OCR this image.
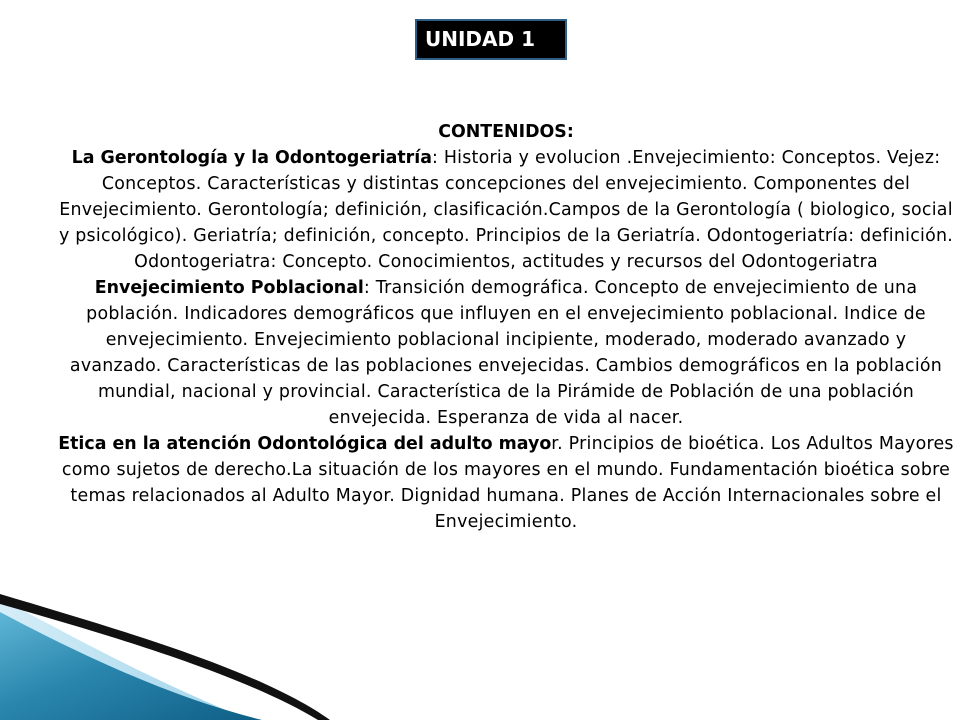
UNIDAD 1

CONTENIDOS:

La Gerontología y la Odontogeriatría: Historia y evolucion .Envejecimiento: Conceptos. Vejez: Conceptos. Características y distintas concepciones del envejecimiento. Componentes del Envejecimiento. Gerontología; definición, clasificación.Campos de la Gerontología ( biologico, social y psicológico). Geriatría; definición, concepto. Principios de la Geriatría. Odontogeriatría: definición. Odontogeriatra: Concepto. Conocimientos, actitudes y recursos del Odontogeriatra

Envejecimiento Poblacional: Transición demográfica. Concepto de envejecimiento de una población. Indicadores demográficos que influyen en el envejecimiento poblacional. Indice de envejecimiento. Envejecimiento poblacional incipiente, moderado, moderado avanzado y avanzado. Características de las poblaciones envejecidas. Cambios demográficos en la población mundial, nacional y provincial. Característica de la Pirámide de Población de una población envejecida. Esperanza de vida al nacer.

Etica en la atención Odontológica del adulto mayor. Principios de bioética. Los Adultos Mayores como sujetos de derecho.La situación de los mayores en el mundo. Fundamentación bioética sobre temas relacionados al Adulto Mayor. Dignidad humana. Planes de Acción Internacionales sobre el Envejecimiento.
